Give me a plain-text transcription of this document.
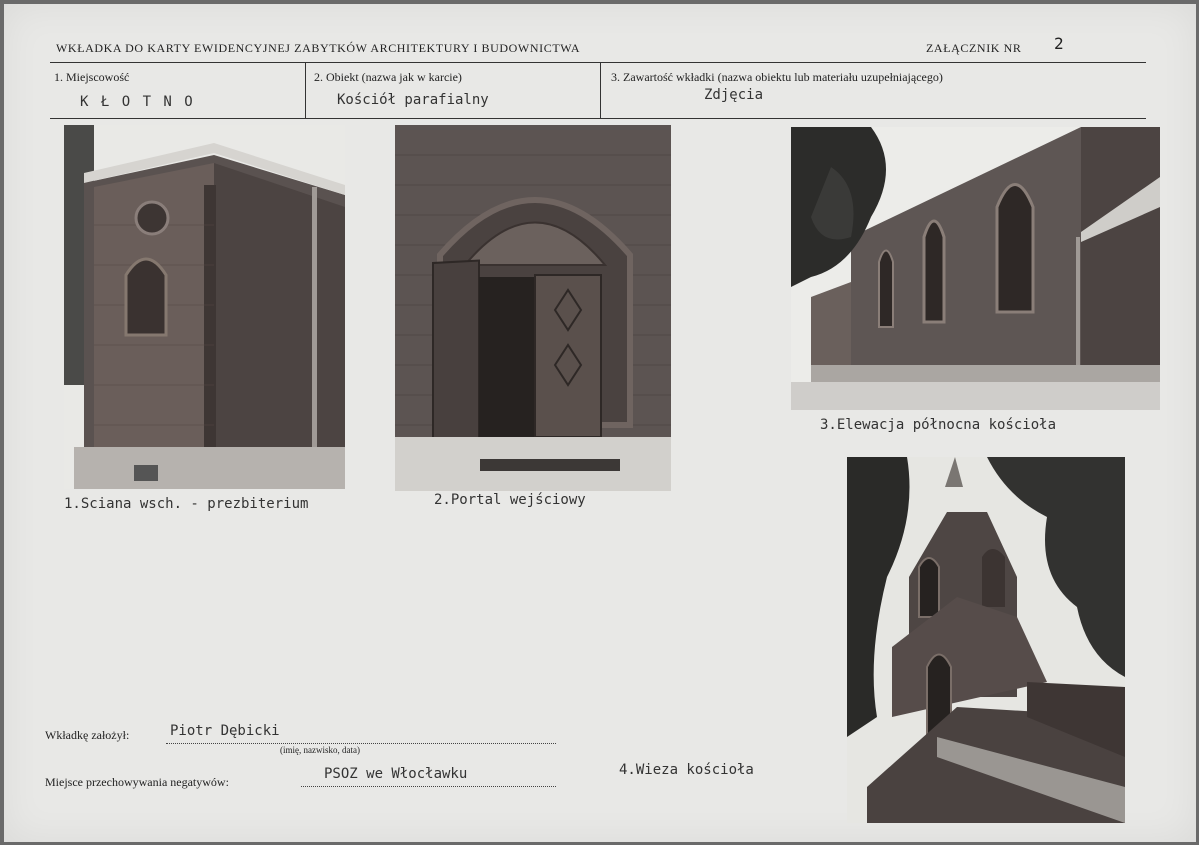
WKŁADKA DO KARTY EWIDENCYJNEJ ZABYTKÓW ARCHITEKTURY I BUDOWNICTWA	ZAŁĄCZNIK NR 2
1. Miejscowość
K Ł O T N O
2. Obiekt (nazwa jak w karcie)
Kościół parafialny
3. Zawartość wkładki (nazwa obiektu lub materiału uzupełniającego)
Zdjęcia
1.Sciana wsch. - prezbiterium	2.Portal wejściowy
3.Elewacja północna kościoła
4.Wieza kościoła
Wkładkę założył:	Piotr Dębicki
(imię, nazwisko, data)
Miejsce przechowywania negatywów:	PSOZ we Włocławku
